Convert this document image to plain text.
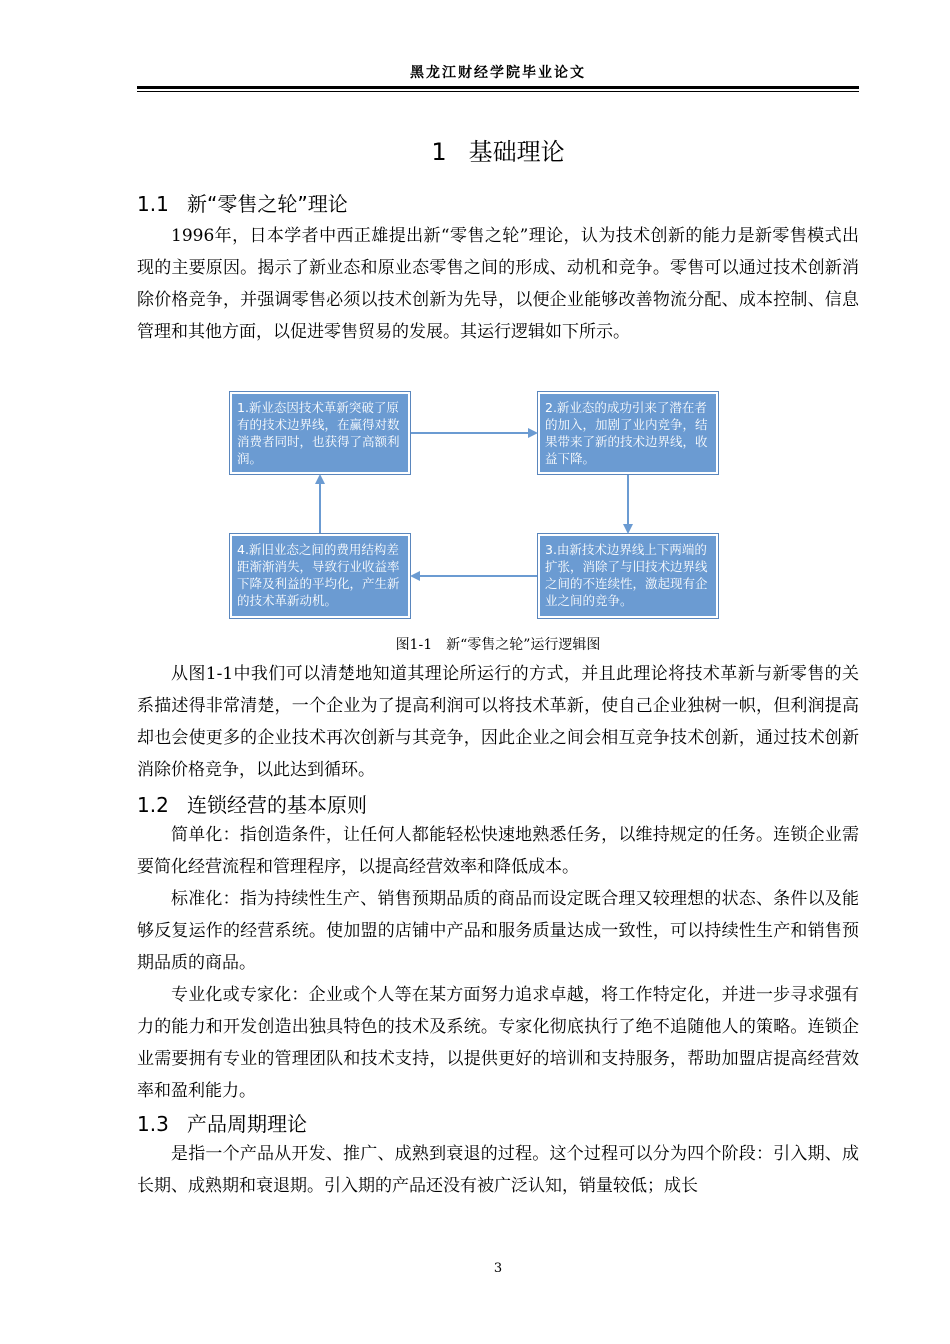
黑龙江财经学院毕业论文
1 基础理论
1.1 新“零售之轮”理论
1996年，日本学者中西正雄提出新“零售之轮”理论，认为技术创新的能力是新零售模式出现的主要原因。揭示了新业态和原业态零售之间的形成、动机和竞争。零售可以通过技术创新消除价格竞争，并强调零售必须以技术创新为先导，以便企业能够改善物流分配、成本控制、信息管理和其他方面，以促进零售贸易的发展。其运行逻辑如下所示。
1.新业态因技术革新突破了原有的技术边界线，在赢得对数消费者同时，也获得了高额利润。
2.新业态的成功引来了潜在者的加入，加剧了业内竞争，结果带来了新的技术边界线，收益下降。
3.由新技术边界线上下两端的扩张，消除了与旧技术边界线之间的不连续性，激起现有企业之间的竞争。
4.新旧业态之间的费用结构差距渐渐消失，导致行业收益率下降及利益的平均化，产生新的技术革新动机。
图1-1 新“零售之轮”运行逻辑图
从图1-1中我们可以清楚地知道其理论所运行的方式，并且此理论将技术革新与新零售的关系描述得非常清楚，一个企业为了提高利润可以将技术革新，使自己企业独树一帜，但利润提高却也会使更多的企业技术再次创新与其竞争，因此企业之间会相互竞争技术创新，通过技术创新消除价格竞争，以此达到循环。
1.2 连锁经营的基本原则
简单化：指创造条件，让任何人都能轻松快速地熟悉任务，以维持规定的任务。连锁企业需要简化经营流程和管理程序，以提高经营效率和降低成本。
标准化：指为持续性生产、销售预期品质的商品而设定既合理又较理想的状态、条件以及能够反复运作的经营系统。使加盟的店铺中产品和服务质量达成一致性，可以持续性生产和销售预期品质的商品。
专业化或专家化：企业或个人等在某方面努力追求卓越，将工作特定化，并进一步寻求强有力的能力和开发创造出独具特色的技术及系统。专家化彻底执行了绝不追随他人的策略。连锁企业需要拥有专业的管理团队和技术支持，以提供更好的培训和支持服务，帮助加盟店提高经营效率和盈利能力。
1.3 产品周期理论
是指一个产品从开发、推广、成熟到衰退的过程。这个过程可以分为四个阶段：引入期、成长期、成熟期和衰退期。引入期的产品还没有被广泛认知，销量较低；成长
3
